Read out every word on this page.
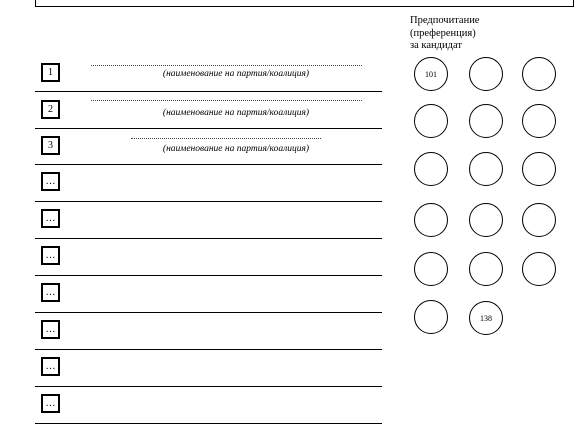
Предпочитание
(преференция)
за кандидат
1	(наименование на партия/коалиция)
2	(наименование на партия/коалиция)
3	(наименование на партия/коалиция)
…
…
…
…
…
…
…
101
138
